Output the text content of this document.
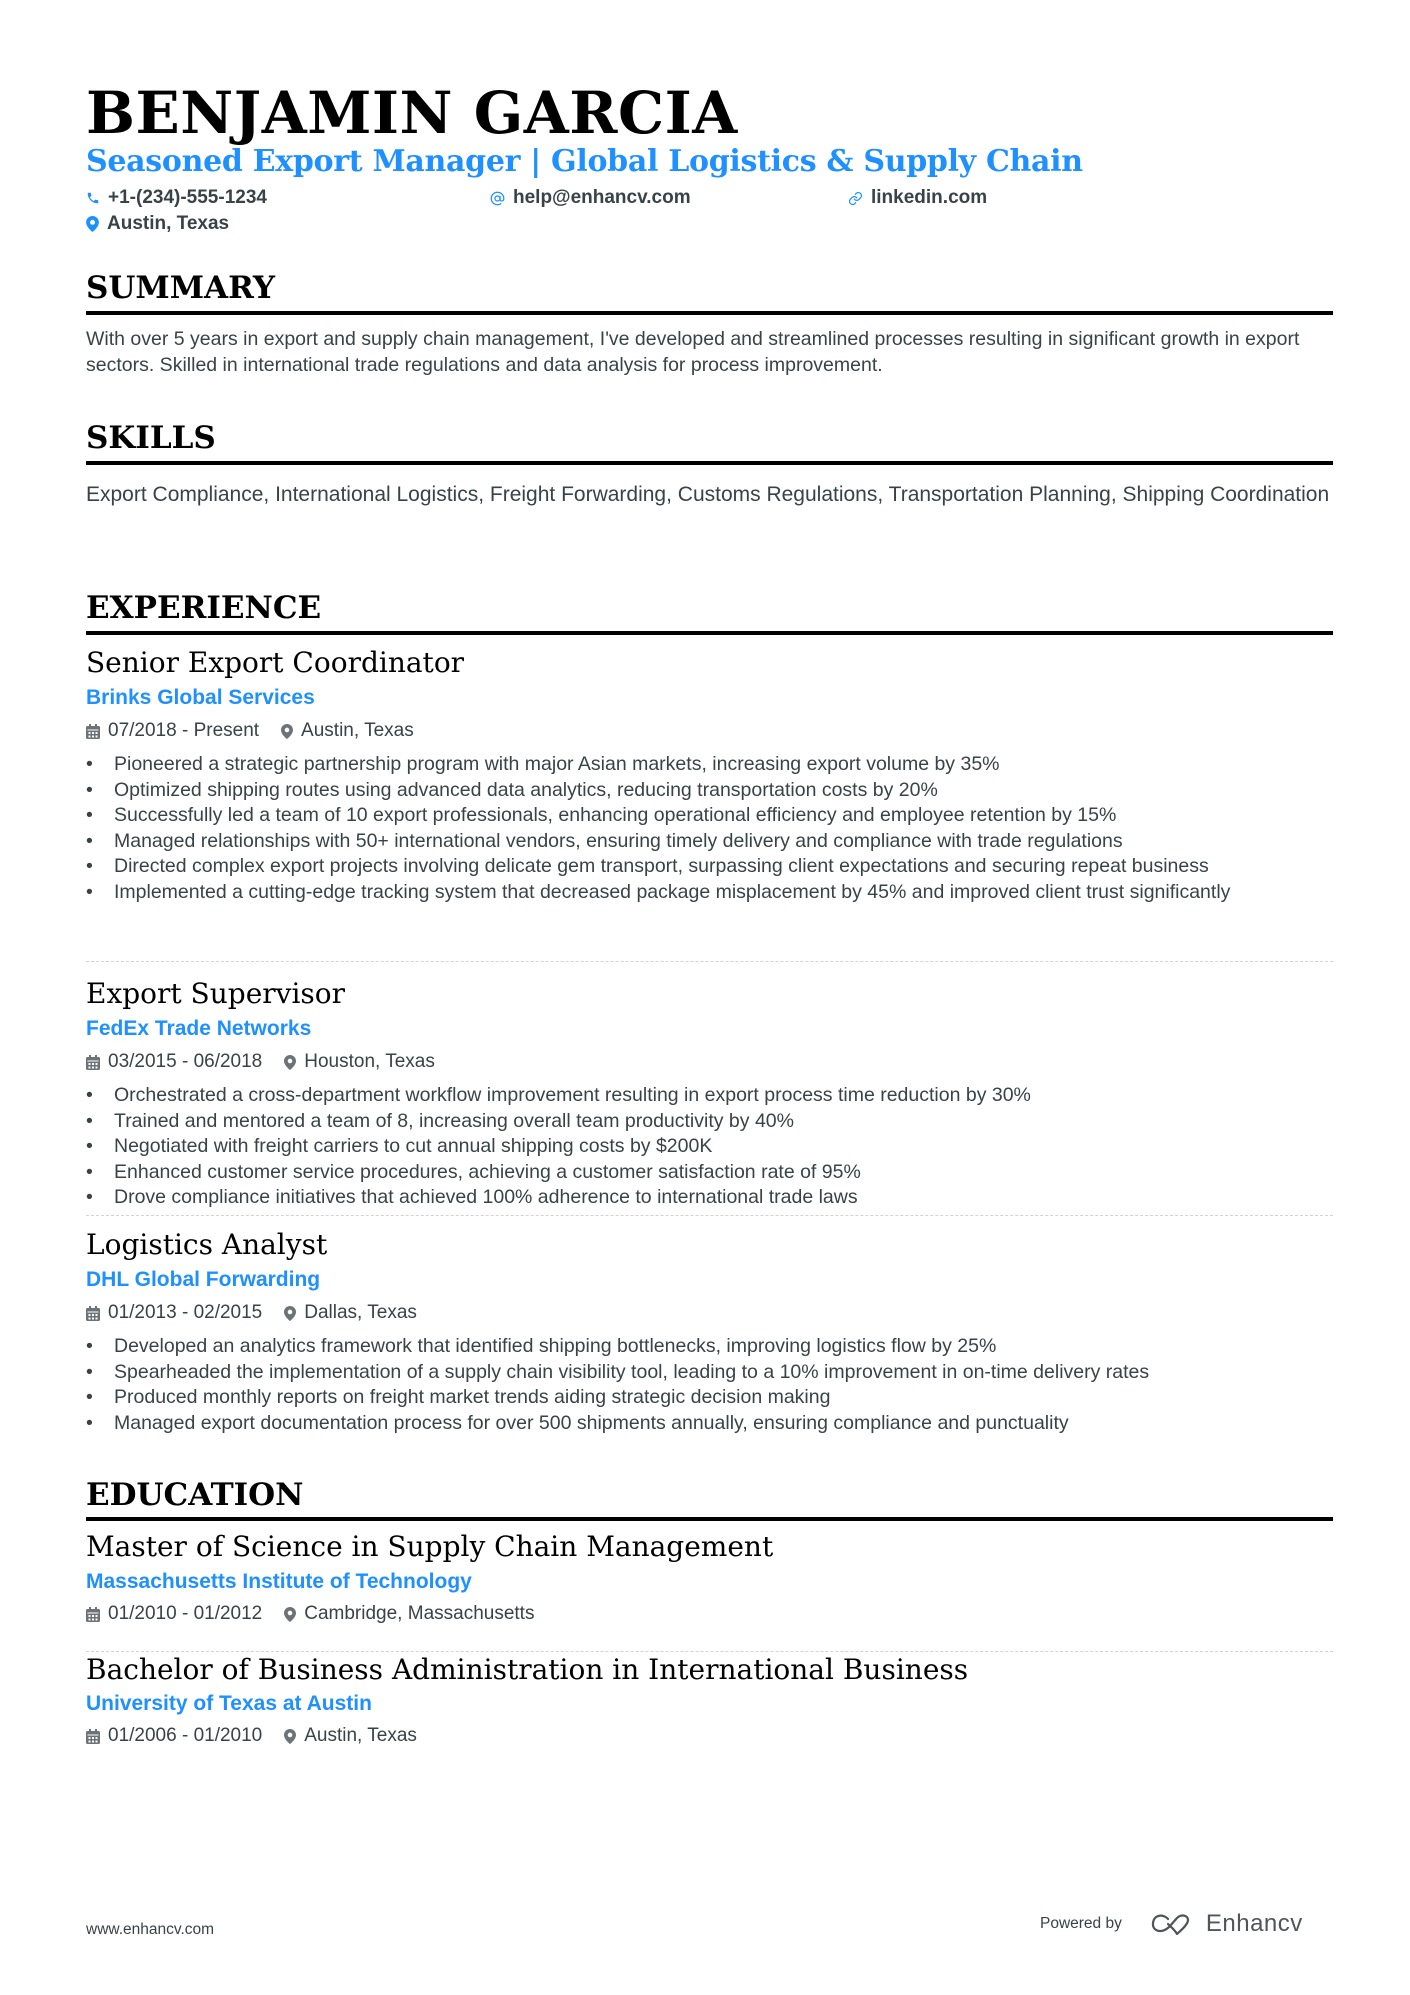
BENJAMIN GARCIA
Seasoned Export Manager | Global Logistics & Supply Chain
+1-(234)-555-1234	help@enhancv.com	linkedin.com
Austin, Texas
SUMMARY
With over 5 years in export and supply chain management, I've developed and streamlined processes resulting in significant growth in export sectors. Skilled in international trade regulations and data analysis for process improvement.
SKILLS
Export Compliance, International Logistics, Freight Forwarding, Customs Regulations, Transportation Planning, Shipping Coordination
EXPERIENCE
Senior Export Coordinator
Brinks Global Services
07/2018 - Present Austin, Texas
• Pioneered a strategic partnership program with major Asian markets, increasing export volume by 35%
• Optimized shipping routes using advanced data analytics, reducing transportation costs by 20%
• Successfully led a team of 10 export professionals, enhancing operational efficiency and employee retention by 15%
• Managed relationships with 50+ international vendors, ensuring timely delivery and compliance with trade regulations
• Directed complex export projects involving delicate gem transport, surpassing client expectations and securing repeat business
• Implemented a cutting-edge tracking system that decreased package misplacement by 45% and improved client trust significantly
Export Supervisor
FedEx Trade Networks
03/2015 - 06/2018 Houston, Texas
• Orchestrated a cross-department workflow improvement resulting in export process time reduction by 30%
• Trained and mentored a team of 8, increasing overall team productivity by 40%
• Negotiated with freight carriers to cut annual shipping costs by $200K
• Enhanced customer service procedures, achieving a customer satisfaction rate of 95%
• Drove compliance initiatives that achieved 100% adherence to international trade laws
Logistics Analyst
DHL Global Forwarding
01/2013 - 02/2015 Dallas, Texas
• Developed an analytics framework that identified shipping bottlenecks, improving logistics flow by 25%
• Spearheaded the implementation of a supply chain visibility tool, leading to a 10% improvement in on-time delivery rates
• Produced monthly reports on freight market trends aiding strategic decision making
• Managed export documentation process for over 500 shipments annually, ensuring compliance and punctuality
EDUCATION
Master of Science in Supply Chain Management
Massachusetts Institute of Technology
01/2010 - 01/2012 Cambridge, Massachusetts
Bachelor of Business Administration in International Business
University of Texas at Austin
01/2006 - 01/2010 Austin, Texas
www.enhancv.com	Powered by	Enhancv
